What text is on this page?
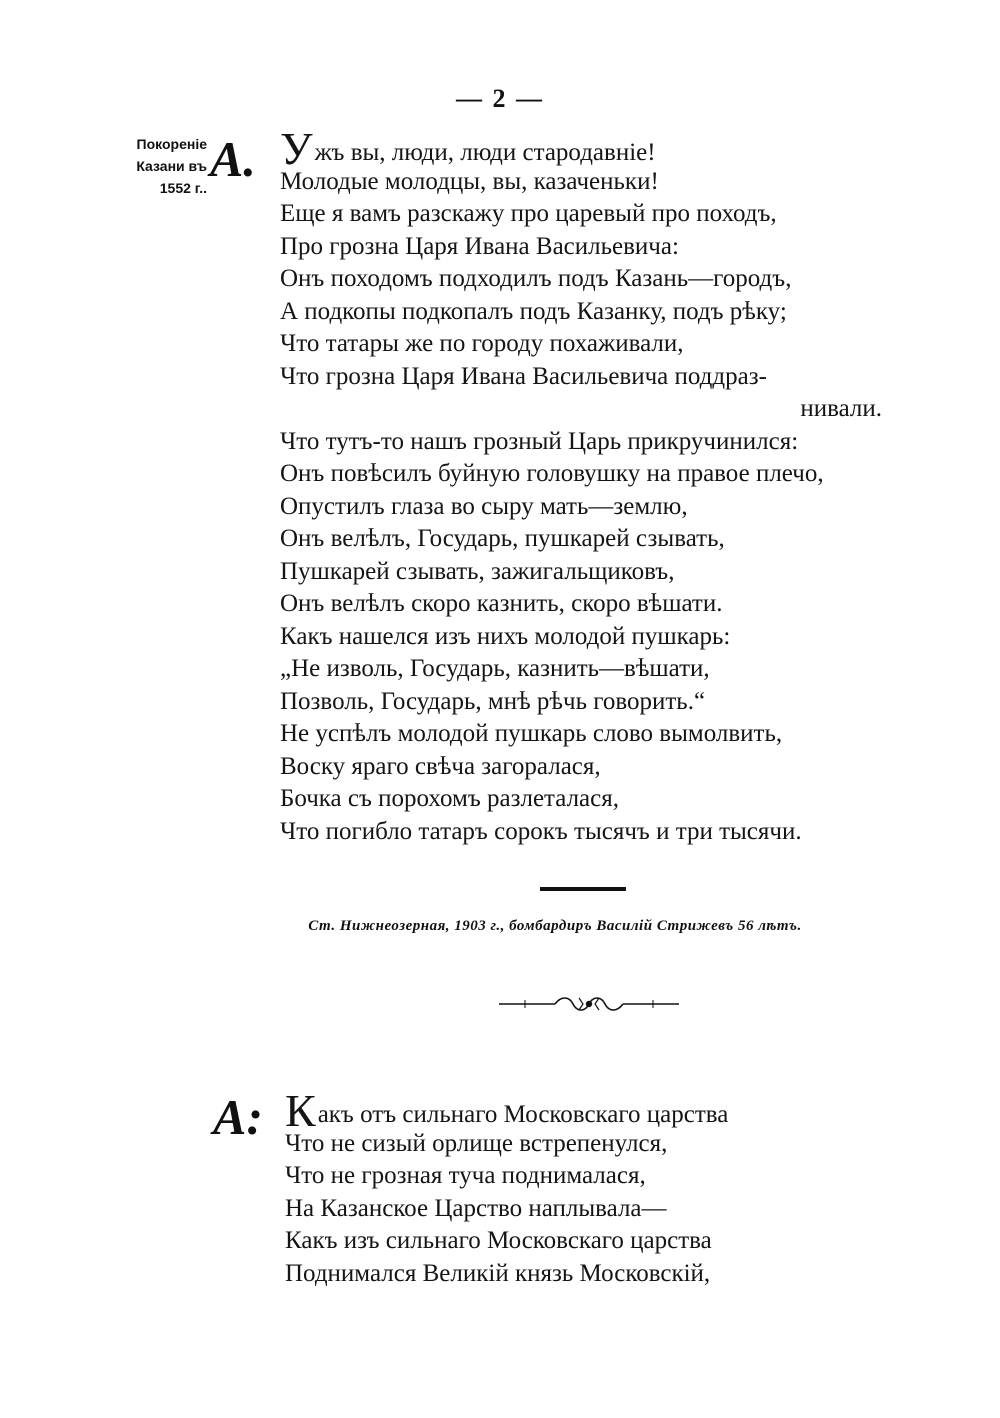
— 2 —
Покоренiе
Казани въ
1552 г..
А. Ужъ вы, люди, люди стародавнiе!
Молодые молодцы, вы, казаченьки!
Еще я вамъ разскажу про царевый про походъ,
Про грозна Царя Ивана Васильевича:
Онъ походомъ подходилъ подъ Казань—городъ,
А подкопы подкопалъ подъ Казанку, подъ рѣку;
Что татары же по городу похаживали,
Что грозна Царя Ивана Васильевича поддраз-
нивали.
Что тутъ-то нашъ грозный Царь прикручинился:
Онъ повѣсилъ буйную головушку на правое плечо,
Опустилъ глаза во сыру мать—землю,
Онъ велѣлъ, Государь, пушкарей сзывать,
Пушкарей сзывать, зажигальщиковъ,
Онъ велѣлъ скоро казнить, скоро вѣшати.
Какъ нашелся изъ нихъ молодой пушкарь:
„Не изволь, Государь, казнить—вѣшати,
Позволь, Государь, мнѣ рѣчь говорить.“
Не успѣлъ молодой пушкарь слово вымолвить,
Воску яраго свѣча загоралася,
Бочка съ порохомъ разлеталася,
Что погибло татаръ сорокъ тысячъ и три тысячи.
Ст. Нижнеозерная, 1903 г., бомбардиръ Василiй Стрижевъ 56 лѣтъ.
А: Какъ отъ сильнаго Московскаго царства
Что не сизый орлище встрепенулся,
Что не грозная туча поднималася,
На Казанское Царство наплывала—
Какъ изъ сильнаго Московскаго царства
Поднимался Великiй князь Московскiй,
